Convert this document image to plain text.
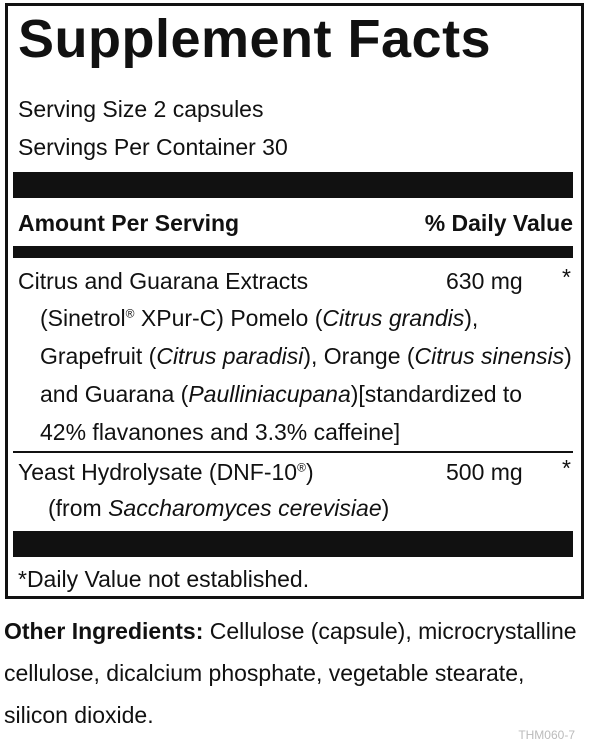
Supplement Facts
Serving Size 2 capsules
Servings Per Container 30
Amount Per Serving	% Daily Value
Citrus and Guarana Extracts	630 mg *
(Sinetrol® XPur-C) Pomelo (Citrus grandis),
Grapefruit (Citrus paradisi), Orange (Citrus sinensis)
and Guarana (Paulliniacupana)[standardized to
42% flavanones and 3.3% caffeine]
Yeast Hydrolysate (DNF-10®)	500 mg *
(from Saccharomyces cerevisiae)
*Daily Value not established.
Other Ingredients: Cellulose (capsule), microcrystalline
cellulose, dicalcium phosphate, vegetable stearate,
silicon dioxide.
THM060-7
